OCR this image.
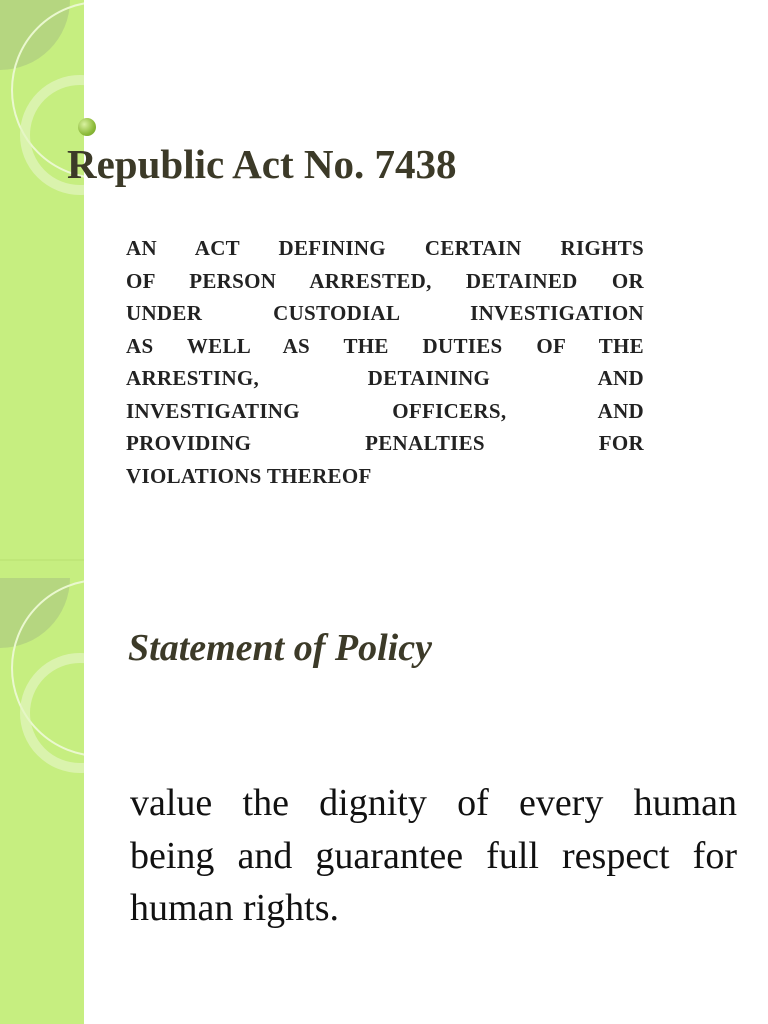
Republic Act No. 7438

AN ACT DEFINING CERTAIN RIGHTS
OF PERSON ARRESTED, DETAINED OR
UNDER CUSTODIAL INVESTIGATION
AS WELL AS THE DUTIES OF THE
ARRESTING, DETAINING AND
INVESTIGATING OFFICERS, AND
PROVIDING PENALTIES FOR
VIOLATIONS THEREOF

Statement of Policy

value the dignity of every human
being and guarantee full respect for
human rights.
